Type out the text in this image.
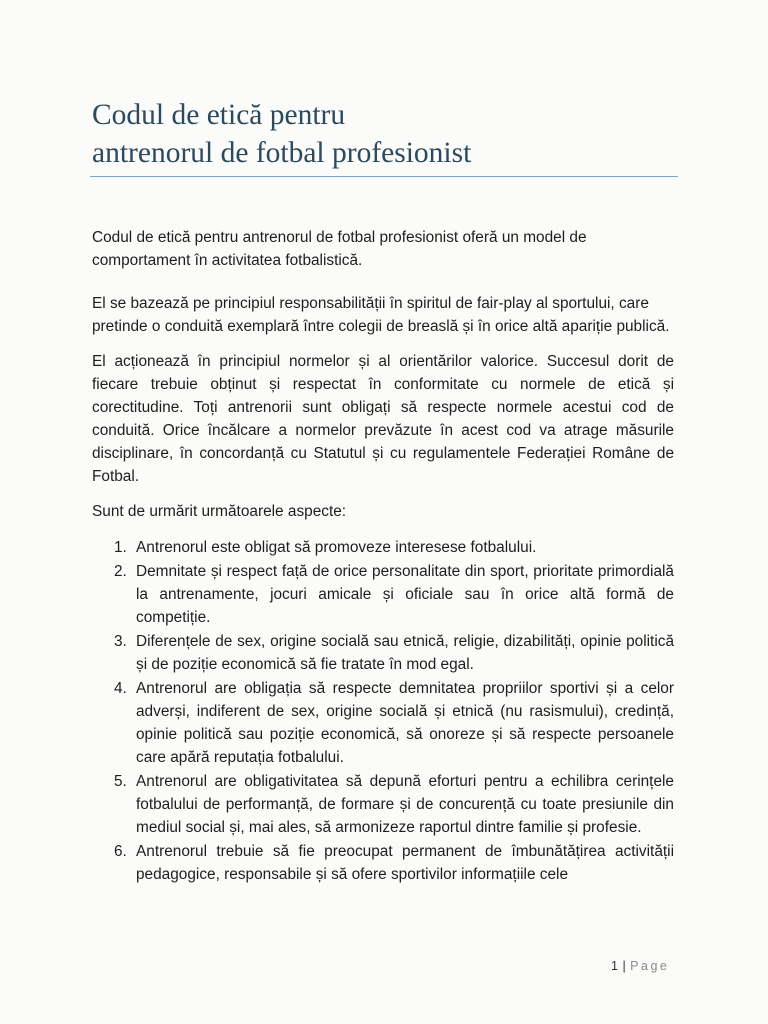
Codul de etică pentru
antrenorul de fotbal profesionist

Codul de etică pentru antrenorul de fotbal profesionist oferă un model de comportament în activitatea fotbalistică.

El se bazează pe principiul responsabilității în spiritul de fair-play al sportului, care pretinde o conduită exemplară între colegii de breaslă și în orice altă apariție publică.

El acționează în principiul normelor și al orientărilor valorice. Succesul dorit de fiecare trebuie obținut și respectat în conformitate cu normele de etică și corectitudine. Toți antrenorii sunt obligați să respecte normele acestui cod de conduită. Orice încălcare a normelor prevăzute în acest cod va atrage măsurile disciplinare, în concordanță cu Statutul și cu regulamentele Federației Române de Fotbal.

Sunt de urmărit următoarele aspecte:

1. Antrenorul este obligat să promoveze interesese fotbalului.
2. Demnitate și respect față de orice personalitate din sport, prioritate primordială la antrenamente, jocuri amicale și oficiale sau în orice altă formă de competiție.
3. Diferențele de sex, origine socială sau etnică, religie, dizabilități, opinie politică și de poziție economică să fie tratate în mod egal.
4. Antrenorul are obligația să respecte demnitatea propriilor sportivi și a celor adverși, indiferent de sex, origine socială și etnică (nu rasismului), credință, opinie politică sau poziție economică, să onoreze și să respecte persoanele care apără reputația fotbalului.
5. Antrenorul are obligativitatea să depună eforturi pentru a echilibra cerințele fotbalului de performanță, de formare și de concurență cu toate presiunile din mediul social și, mai ales, să armonizeze raportul dintre familie și profesie.
6. Antrenorul trebuie să fie preocupat permanent de îmbunătățirea activității pedagogice, responsabile și să ofere sportivilor informațiile cele
1 | Page
